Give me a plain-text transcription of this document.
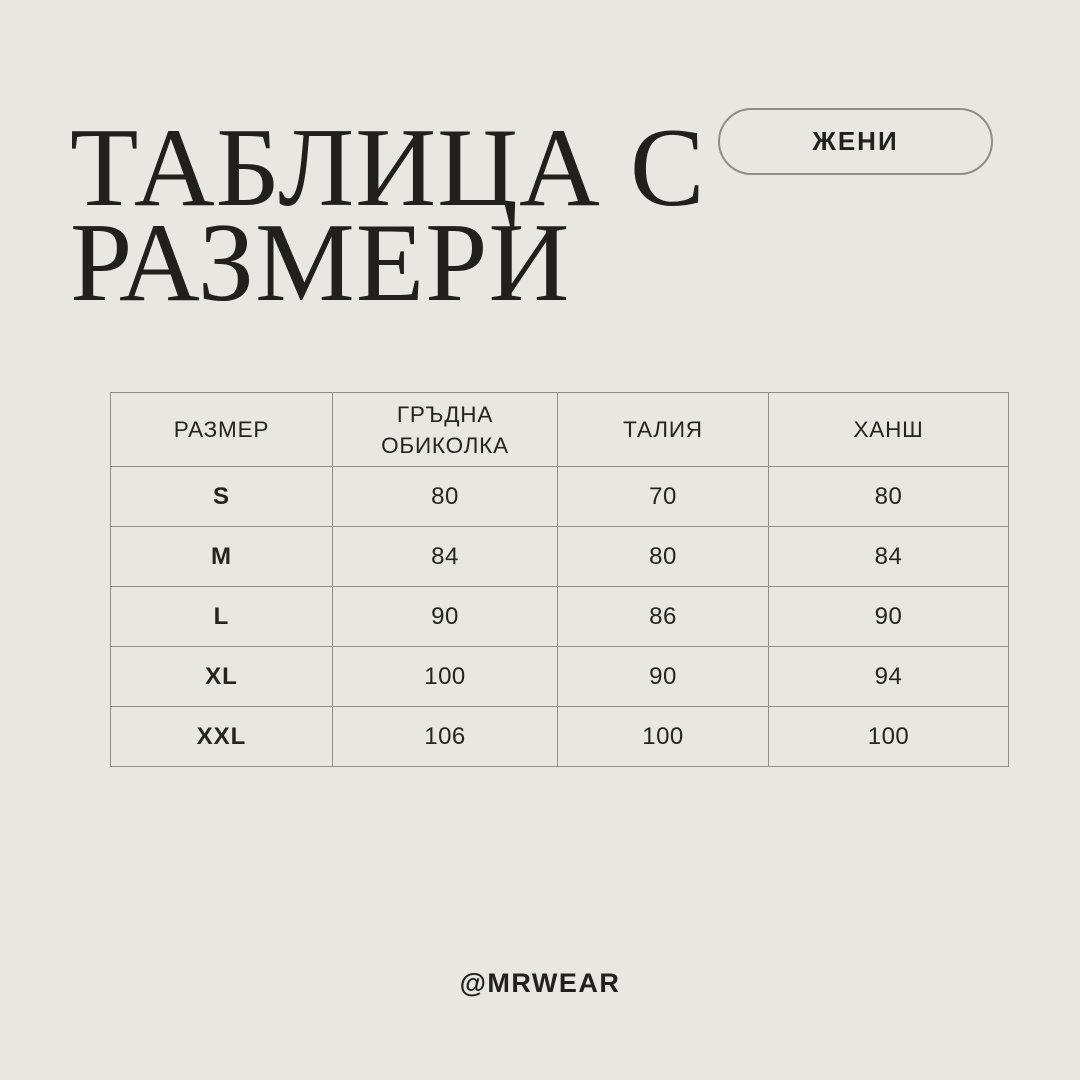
ТАБЛИЦА С
РАЗМЕРИ
ЖЕНИ
РАЗМЕР	ГРЪДНА ОБИКОЛКА	ТАЛИЯ	ХАНШ
S	80	70	80
M	84	80	84
L	90	86	90
XL	100	90	94
XXL	106	100	100
@MRWEAR
